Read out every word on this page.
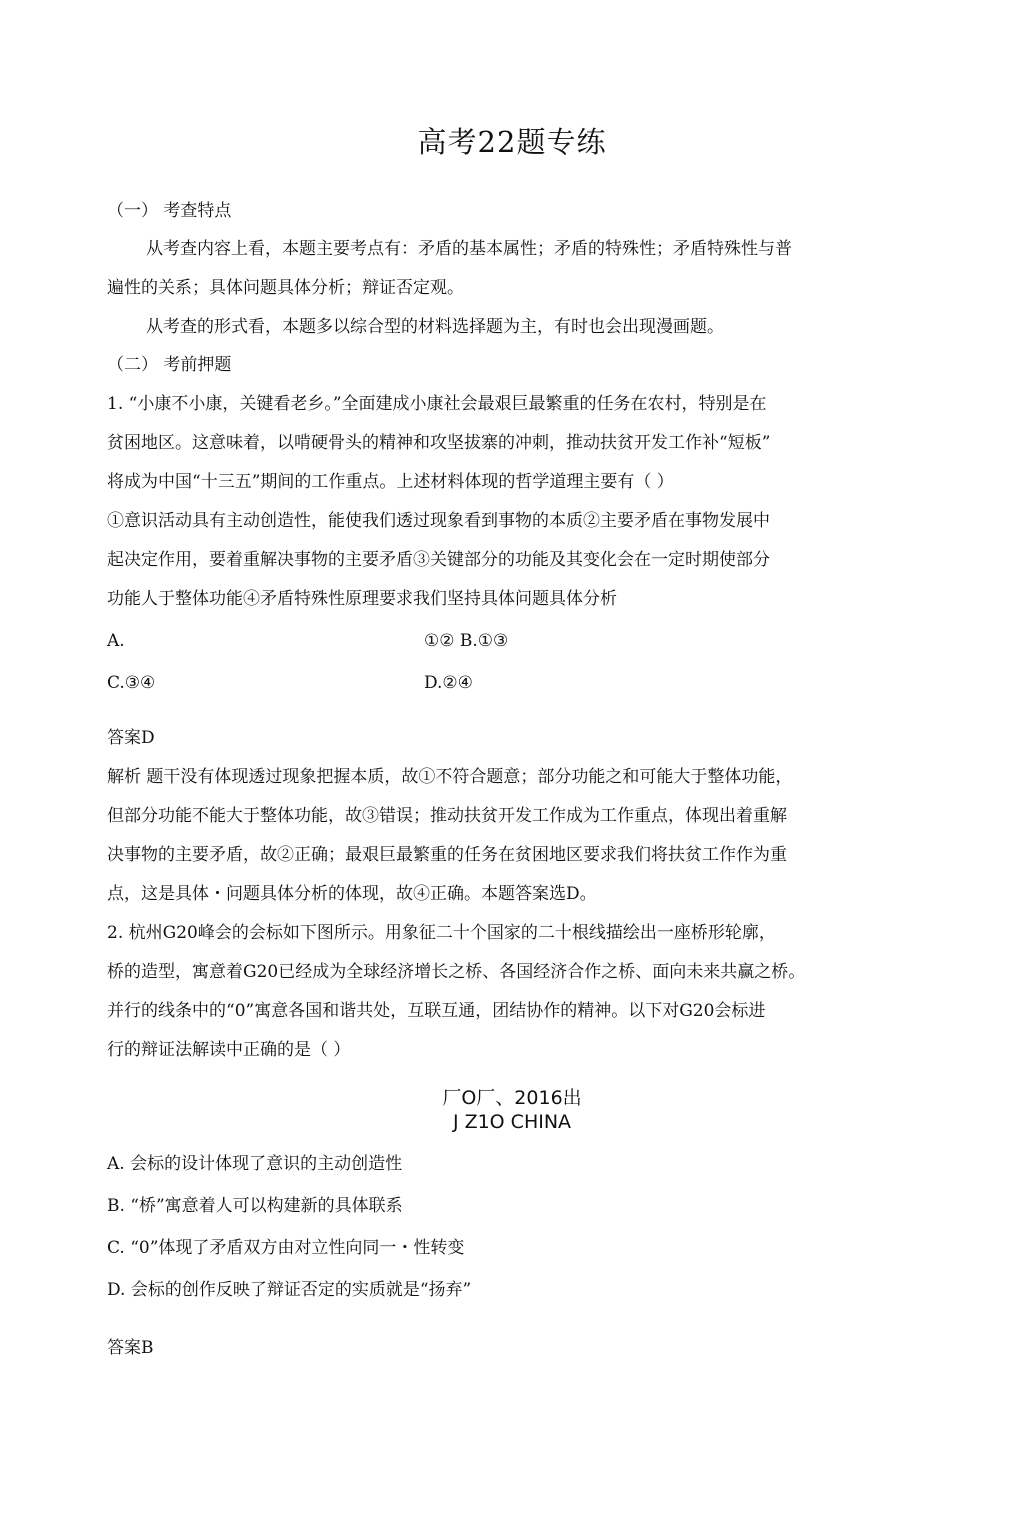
高考22题专练
（一） 考查特点
从考查内容上看，本题主要考点有：矛盾的基本属性；矛盾的特殊性；矛盾特殊性与普
遍性的关系；具体问题具体分析；辩证否定观。
从考查的形式看，本题多以综合型的材料选择题为主，有时也会出现漫画题。
（二） 考前押题
1. “小康不小康，关键看老乡。”全面建成小康社会最艰巨最繁重的任务在农村，特别是在
贫困地区。这意味着，以啃硬骨头的精神和攻坚拔寨的冲刺，推动扶贫开发工作补“短板”
将成为中国“十三五”期间的工作重点。上述材料体现的哲学道理主要有（ ）
①意识活动具有主动创造性，能使我们透过现象看到事物的本质②主要矛盾在事物发展中
起决定作用，要着重解决事物的主要矛盾③关键部分的功能及其变化会在一定时期使部分
功能人于整体功能④矛盾特殊性原理要求我们坚持具体问题具体分析
A.	①② B.①③
C.③④	D.②④
答案D
解析 题干没有体现透过现象把握本质，故①不符合题意；部分功能之和可能大于整体功能，
但部分功能不能大于整体功能，故③错误；推动扶贫开发工作成为工作重点，体现出着重解
决事物的主要矛盾，故②正确；最艰巨最繁重的任务在贫困地区要求我们将扶贫工作作为重
点，这是具体・问题具体分析的体现，故④正确。本题答案选D。
2. 杭州G20峰会的会标如下图所示。用象征二十个国家的二十根线描绘出一座桥形轮廓，
桥的造型，寓意着G20已经成为全球经济增长之桥、各国经济合作之桥、面向未来共赢之桥。
并行的线条中的“0”寓意各国和谐共处，互联互通，团结协作的精神。以下对G20会标进
行的辩证法解读中正确的是（ ）
厂O厂、2016出
J Z1O CHINA
A. 会标的设计体现了意识的主动创造性
B. “桥”寓意着人可以构建新的具体联系
C. “0”体现了矛盾双方由对立性向同一・性转变
D. 会标的创作反映了辩证否定的实质就是“扬弃”
答案B
